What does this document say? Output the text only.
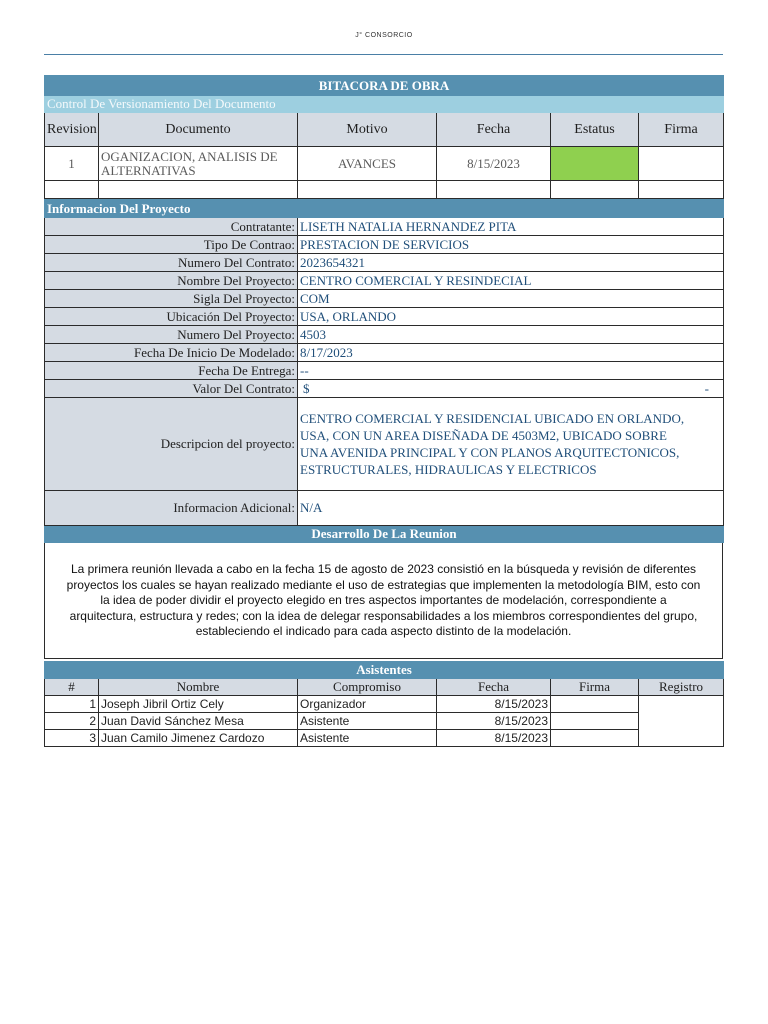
J° CONSORCIO
BITACORA DE OBRA					
Control De Versionamiento Del Documento					
Revision	Documento	Motivo	Fecha	Estatus	Firma
1	OGANIZACION, ANALISIS DE ALTERNATIVAS	AVANCES	8/15/2023		

Informacion Del Proyecto	
Contratante:	LISETH NATALIA HERNANDEZ PITA
Tipo De Contrao:	PRESTACION DE SERVICIOS
Numero Del Contrato:	2023654321
Nombre Del Proyecto:	CENTRO COMERCIAL Y RESINDECIAL
Sigla Del Proyecto:	COM
Ubicación Del Proyecto:	USA, ORLANDO
Numero Del Proyecto:	4503
Fecha De Inicio De Modelado:	8/17/2023
Fecha De Entrega:	--
Valor Del Contrato:	$ -

Descripcion del proyecto:	CENTRO COMERCIAL Y RESIDENCIAL UBICADO EN ORLANDO,
USA, CON UN AREA DISEÑADA DE 4503M2, UBICADO SOBRE
UNA AVENIDA PRINCIPAL Y CON PLANOS ARQUITECTONICOS,
ESTRUCTURALES, HIDRAULICAS Y ELECTRICOS

Informacion Adicional:	N/A
Desarrollo De La Reunion	
La primera reunión llevada a cabo en la fecha 15 de agosto de 2023 consistió en la búsqueda y revisión de diferentes
proyectos los cuales se hayan realizado mediante el uso de estrategias que implementen la metodología BIM, esto con
la idea de poder dividir el proyecto elegido en tres aspectos importantes de modelación, correspondiente a
arquitectura, estructura y redes; con la idea de delegar responsabilidades a los miembros correspondientes del grupo,
estableciendo el indicado para cada aspecto distinto de la modelación.
Asistentes					
#	Nombre	Compromiso	Fecha	Firma	Registro
1	Joseph Jibril Ortiz Cely	Organizador	8/15/2023		
2	Juan David Sánchez Mesa	Asistente	8/15/2023		
3	Juan Camilo Jimenez Cardozo	Asistente	8/15/2023		
